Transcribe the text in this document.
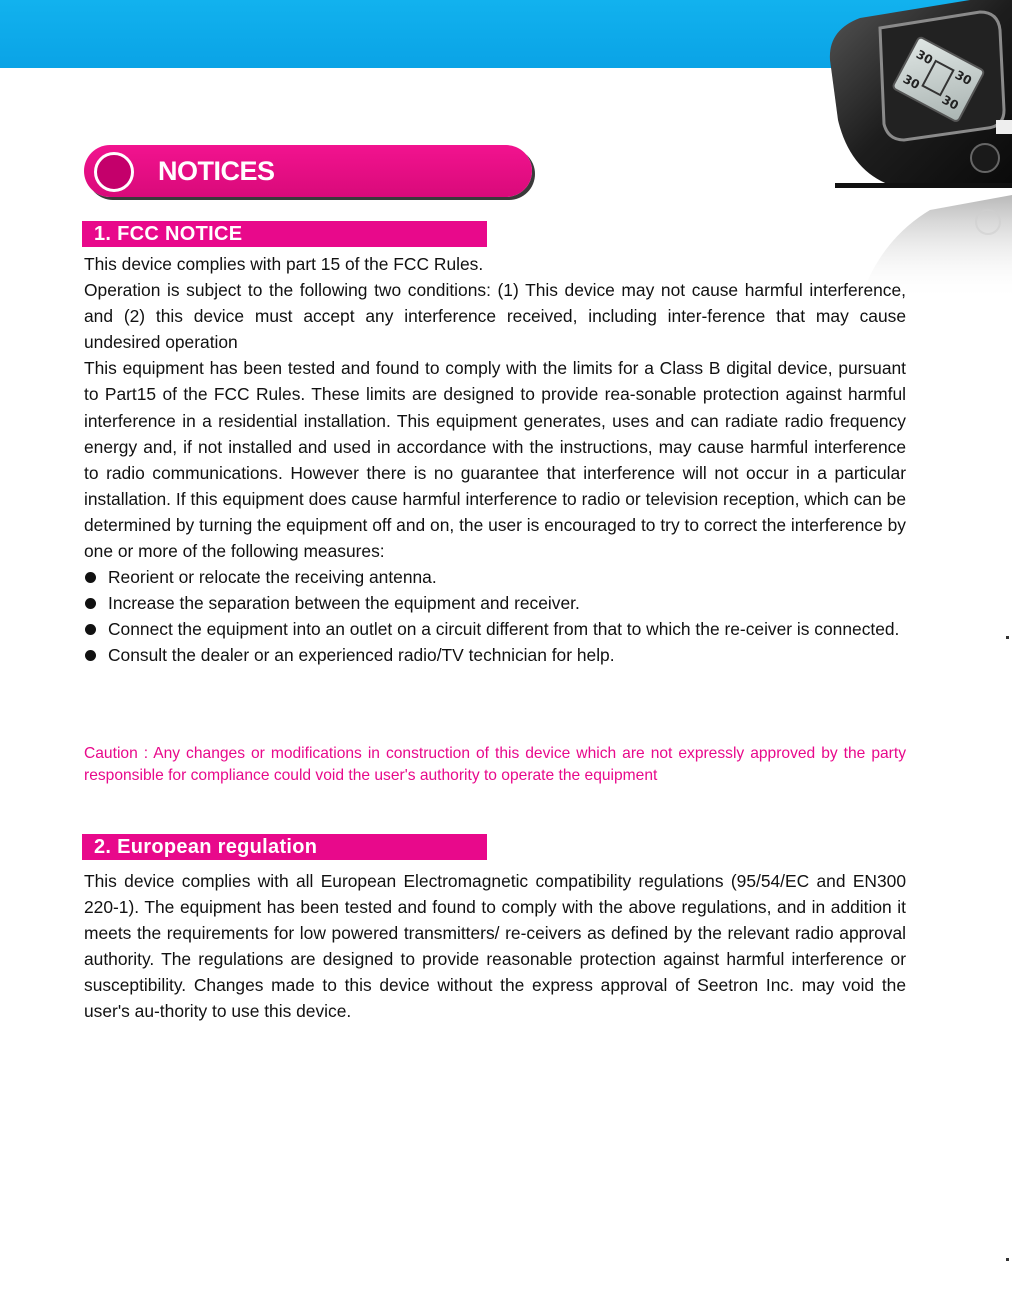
30
30
30
30
NOTICES
1. FCC NOTICE

This device complies with part 15 of the FCC Rules.

Operation is subject to the following two conditions: (1) This device may not cause harmful interference, and (2) this device must accept any interference received, including inter-ference that may cause undesired operation

This equipment has been tested and found to comply with the limits for a Class B digital device, pursuant to Part15 of the FCC Rules. These limits are designed to provide rea-sonable protection against harmful interference in a residential installation. This equipment generates, uses and can radiate radio frequency energy and, if not installed and used in accordance with the instructions, may cause harmful interference to radio communications. However there is no guarantee that interference will not occur in a particular installation. If this equipment does cause harmful interference to radio or television reception, which can be determined by turning the equipment off and on, the user is encouraged to try to correct the interference by one or more of the following measures:

Reorient or relocate the receiving antenna.
Increase the separation between the equipment and receiver.
Connect the equipment into an outlet on a circuit different from that to which the re-ceiver is connected.
Consult the dealer or an experienced radio/TV technician for help.
Caution : Any changes or modifications in construction of this device which are not expressly approved by the party responsible for compliance could void the user's authority to operate the equipment
2. European regulation

This device complies with all European Electromagnetic compatibility regulations (95/54/EC and EN300 220-1). The equipment has been tested and found to comply with the above regulations, and in addition it meets the requirements for low powered transmitters/ re-ceivers as defined by the relevant radio approval authority. The regulations are designed to provide reasonable protection against harmful interference or susceptibility. Changes made to this device without the express approval of Seetron Inc. may void the user's au-thority to use this device.
